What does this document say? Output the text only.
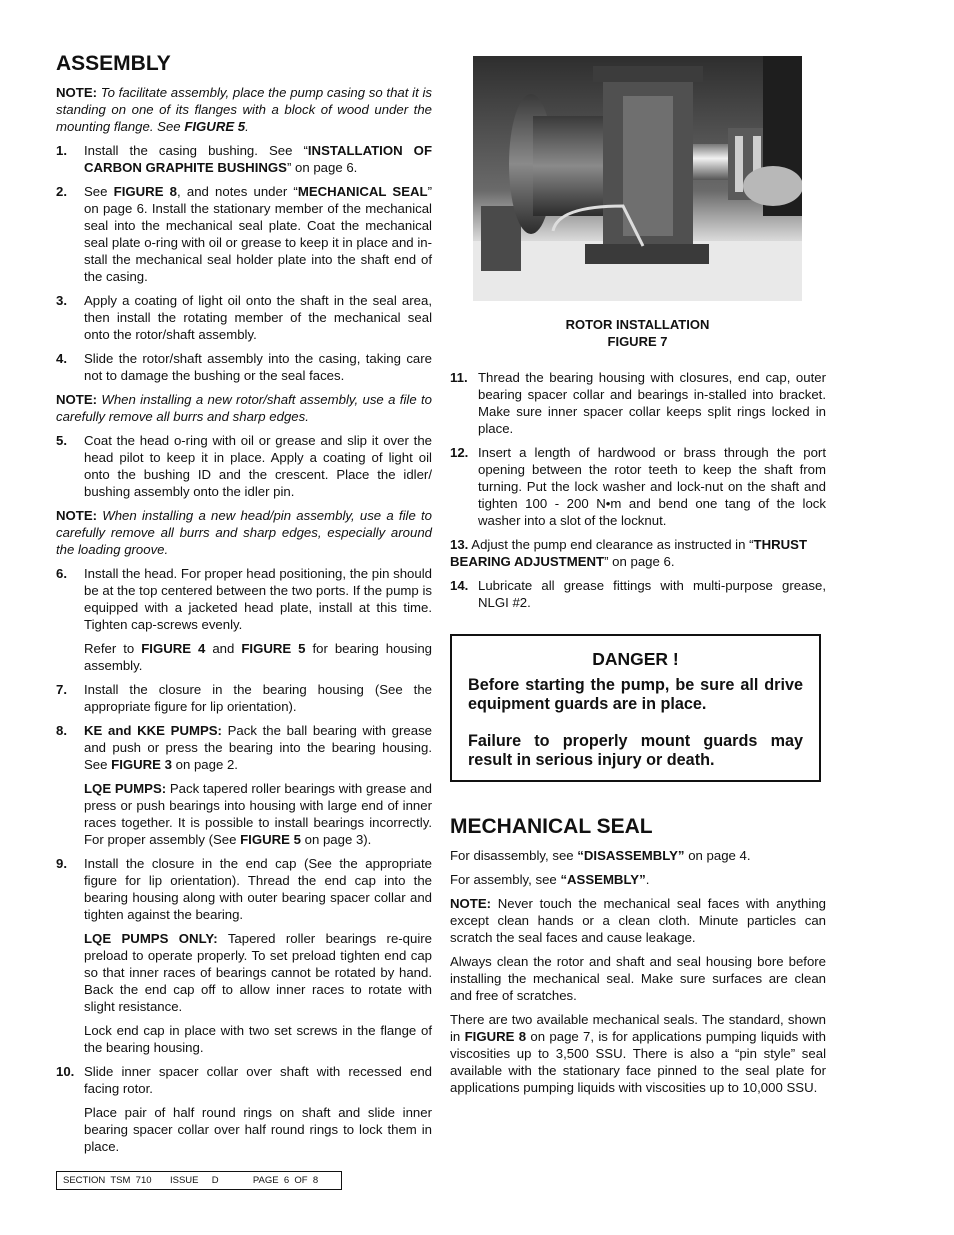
ASSEMBLY

NOTE: To facilitate assembly, place the pump casing so that it is standing on one of its flanges with a block of wood under the mounting flange. See FIGURE 5.

1.	Install the casing bushing. See “INSTALLATION OF CARBON GRAPHITE BUSHINGS” on page 6.
2.	See FIGURE 8, and notes under “MECHANICAL SEAL” on page 6. Install the stationary member of the mechanical seal into the mechanical seal plate. Coat the mechanical seal plate o-ring with oil or grease to keep it in place and in-stall the mechanical seal holder plate into the shaft end of the casing.
3.	Apply a coating of light oil onto the shaft in the seal area, then install the rotating member of the mechanical seal onto the rotor/shaft assembly.
4.	Slide the rotor/shaft assembly into the casing, taking care not to damage the bushing or the seal faces.

NOTE: When installing a new rotor/shaft assembly, use a file to carefully remove all burrs and sharp edges.

5.	Coat the head o-ring with oil or grease and slip it over the head pilot to keep it in place. Apply a coating of light oil onto the bushing ID and the crescent. Place the idler/ bushing assembly onto the idler pin.

NOTE: When installing a new head/pin assembly, use a file to carefully remove all burrs and sharp edges, especially around the loading groove.

6.	Install the head. For proper head positioning, the pin should be at the top centered between the two ports. If the pump is equipped with a jacketed head plate, install at this time. Tighten cap-screws evenly.

Refer to FIGURE 4 and FIGURE 5 for bearing housing assembly.

7.	Install the closure in the bearing housing (See the appropriate figure for lip orientation).
8.	KE and KKE PUMPS: Pack the ball bearing with grease and push or press the bearing into the bearing housing. See FIGURE 3 on page 2.

LQE PUMPS: Pack tapered roller bearings with grease and press or push bearings into housing with large end of inner races together. It is possible to install bearings incorrectly. For proper assembly (See FIGURE 5 on page 3).

9.	Install the closure in the end cap (See the appropriate figure for lip orientation). Thread the end cap into the bearing housing along with outer bearing spacer collar and tighten against the bearing.

LQE PUMPS ONLY: Tapered roller bearings re-quire preload to operate properly. To set preload tighten end cap so that inner races of bearings cannot be rotated by hand. Back the end cap off to allow inner races to rotate with slight resistance.

Lock end cap in place with two set screws in the flange of the bearing housing.

10. Slide inner spacer collar over shaft with recessed end facing rotor.

Place pair of half round rings on shaft and slide inner bearing spacer collar over half round rings to lock them in place.

ROTOR INSTALLATION
FIGURE 7
11. Thread the bearing housing with closures, end cap, outer bearing spacer collar and bearings in-stalled into bracket. Make sure inner spacer collar keeps split rings locked in place.
12. Insert a length of hardwood or brass through the port opening between the rotor teeth to keep the shaft from turning. Put the lock washer and lock-nut on the shaft and tighten 100 - 200 N•m and bend one tang of the lock washer into a slot of the locknut.
13. Adjust the pump end clearance as instructed in “THRUST BEARING ADJUSTMENT” on page 6.
14. Lubricate all grease fittings with multi-purpose grease, NLGI #2.
DANGER !

Before starting the pump, be sure all drive equipment guards are in place.

Failure to properly mount guards may result in serious injury or death.

MECHANICAL SEAL

For disassembly, see “DISASSEMBLY” on page 4.

For assembly, see “ASSEMBLY”.

NOTE: Never touch the mechanical seal faces with anything except clean hands or a clean cloth. Minute particles can scratch the seal faces and cause leakage.

Always clean the rotor and shaft and seal housing bore before installing the mechanical seal. Make sure surfaces are clean and free of scratches.

There are two available mechanical seals. The standard, shown in FIGURE 8 on page 7, is for applications pumping liquids with viscosities up to 3,500 SSU. There is also a “pin style” seal available with the stationary face pinned to the seal plate for applications pumping liquids with viscosities up to 10,000 SSU.

SECTION  TSM  710       ISSUE     D             PAGE  6  OF  8
